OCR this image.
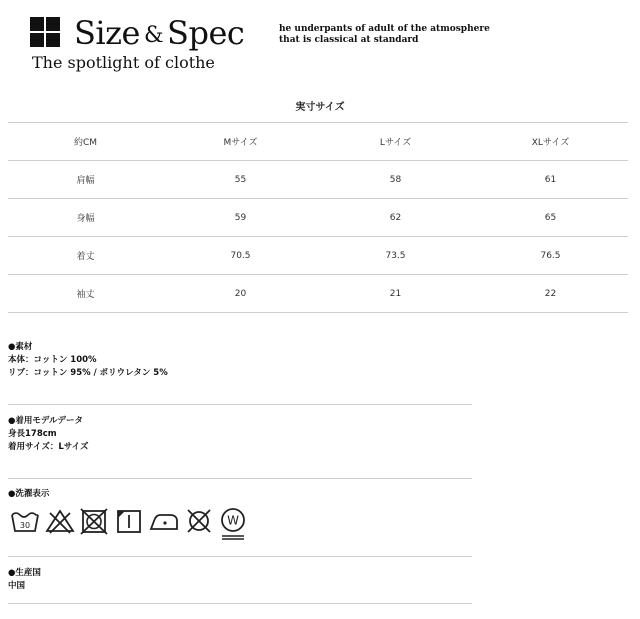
Size & Spec
The spotlight of clothe
he underpants of adult of the atmosphere
that is classical at standard
実寸サイズ
約CM	Mサイズ	Lサイズ	XLサイズ
肩幅	55	58	61
身幅	59	62	65
着丈	70.5	73.5	76.5
袖丈	20	21	22
●素材
本体：コットン 100%
リブ：コットン 95% / ポリウレタン 5%
●着用モデルデータ
身長178cm
着用サイズ：Lサイズ
●洗濯表示
30	W
●生産国
中国
